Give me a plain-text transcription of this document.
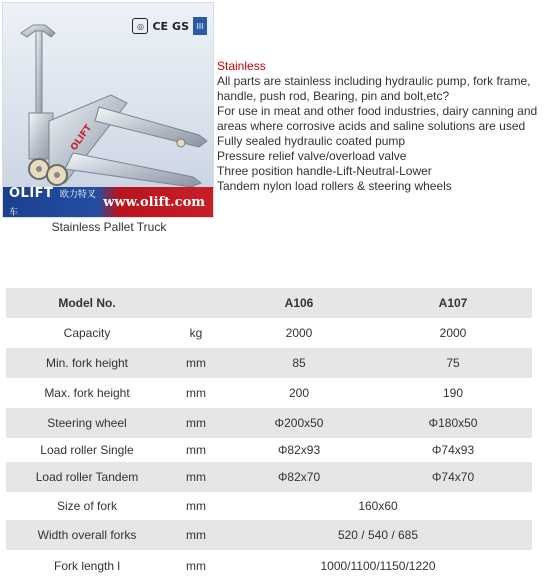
OLIFT
◎ CE GS III
OLIFT 欧力特叉车
www.olift.com
Stainless Pallet Truck
Stainless
All parts are stainless including hydraulic pump, fork frame,
handle, push rod, Bearing, pin and bolt,etc?
For use in meat and other food industries, dairy canning and
areas where corrosive acids and saline solutions are used
Fully sealed hydraulic coated pump
Pressure relief valve/overload valve
Three position handle-Lift-Neutral-Lower
Tandem nylon load rollers & steering wheels
Model No.		A106	A107
Capacity	kg	2000	2000
Min. fork height	mm	85	75
Max. fork height	mm	200	190
Steering wheel	mm	Φ200x50	Φ180x50
Load roller Single	mm	Φ82x93	Φ74x93
Load roller Tandem	mm	Φ82x70	Φ74x70
Size of fork	mm	160x60	
Width overall forks	mm	520 / 540 / 685	
Fork length l	mm	1000/1100/1150/1220	
